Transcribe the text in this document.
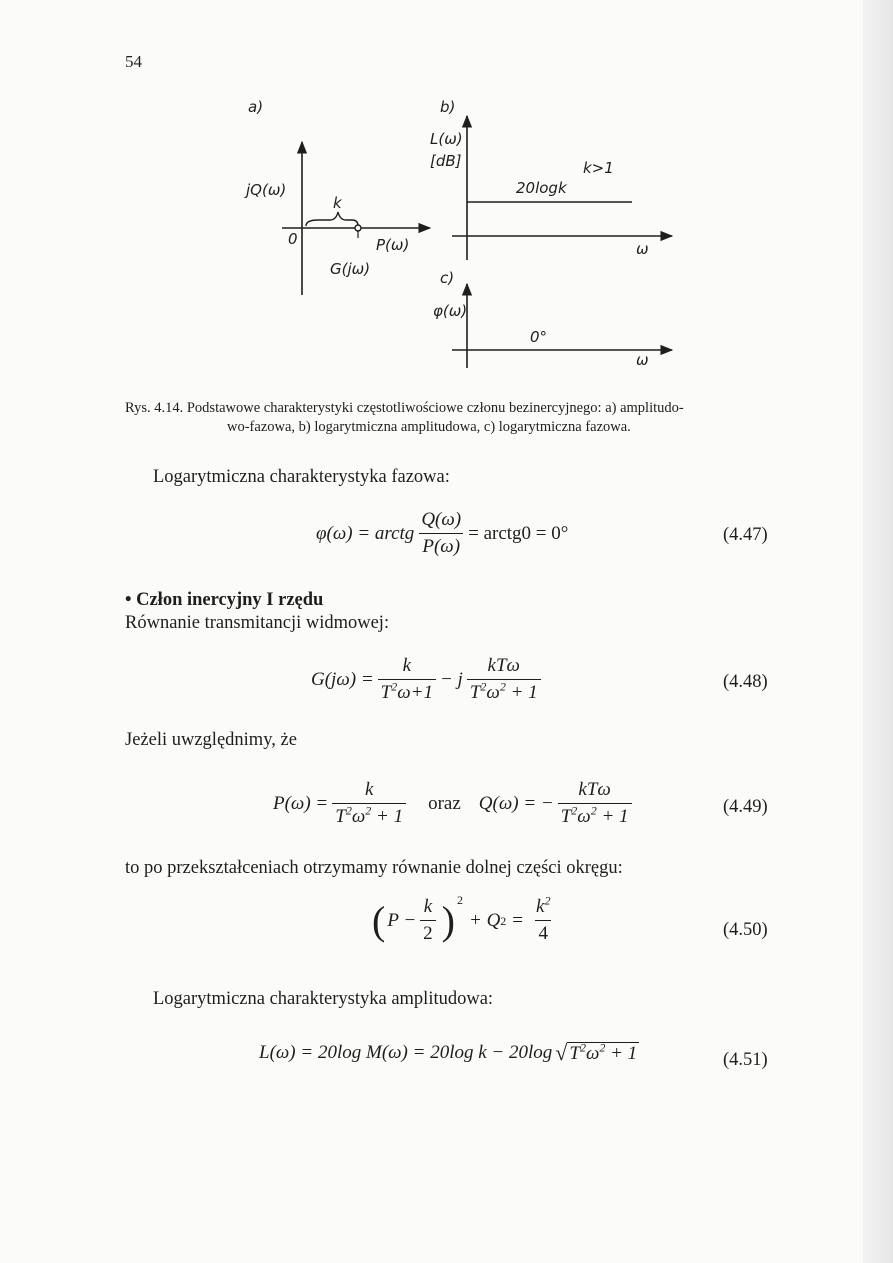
54
a)
jQ(ω)
0
k
P(ω)
G(jω)
b)
L(ω)
[dB]	k>1
20logk
ω
c)
φ(ω)
0°
ω
Rys. 4.14. Podstawowe charakterystyki częstotliwościowe członu bezinercyjnego: a) amplitudo-
wo-fazowa, b) logarytmiczna amplitudowa, c) logarytmiczna fazowa.
Logarytmiczna charakterystyka fazowa:
φ(ω) = arctg $\frac{Q(\omega)}{P(\omega)}$ = arctg0 = 0°	(4.47)
• Człon inercyjny I rzędu
Równanie transmitancji widmowej:
$G(j\omega) = \frac{k}{T^2\omega+1} - j \frac{\text{kTω}}{T^2\omega^2 + 1}$	(4.48)
Jeżeli uwzględnimy, że
$P(\omega) = \frac{k}{T^2\omega^2 + 1}$ oraz Q(ω) = − $\frac{\text{kTω}}{T^2\omega^2 + 1}$	(4.49)
to po przekształceniach otrzymamy równanie dolnej części okręgu:
( $P - \frac{k}{2}$ ) 2
+ Q $2 = \frac{k^2}{4}$	(4.50)
Logarytmiczna charakterystyka amplitudowa:
L(ω) = 20log M(ω) = 20log k − 20log √ $T^2\omega^2 + 1$	(4.51)
